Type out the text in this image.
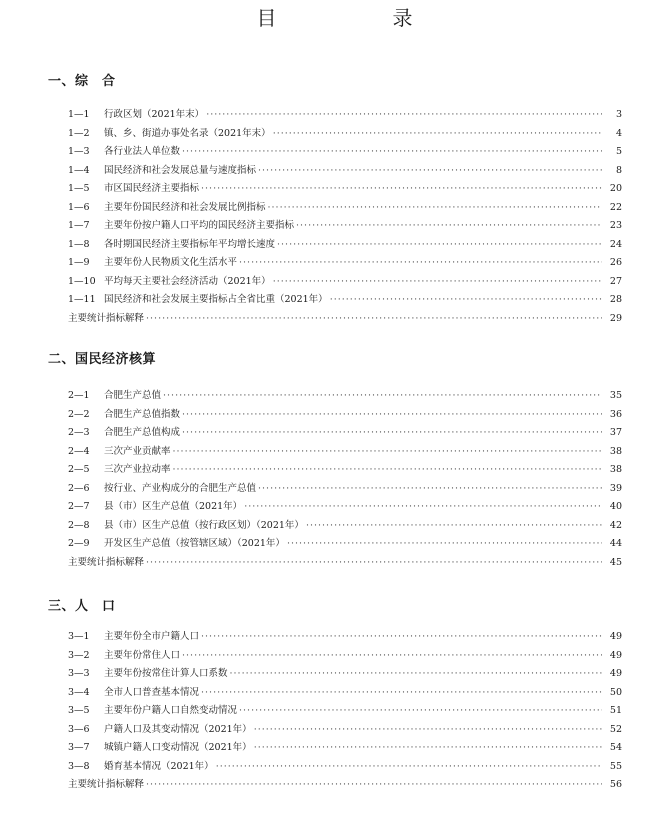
目　录
一、综　合
1—1	行政区划（2021年末） ·····	3
1—2	镇、乡、街道办事处名录（2021年末） ·····	4
1—3	各行业法人单位数 ·····	5
1—4	国民经济和社会发展总量与速度指标 ·····	8
1—5	市区国民经济主要指标 ·····	20
1—6	主要年份国民经济和社会发展比例指标 ·····	22
1—7	主要年份按户籍人口平均的国民经济主要指标 ·····	23
1—8	各时期国民经济主要指标年平均增长速度 ·····	24
1—9	主要年份人民物质文化生活水平 ·····	26
1—10 平均每天主要社会经济活动（2021年） ·····	27
1—11 国民经济和社会发展主要指标占全省比重（2021年） ·····	28
主要统计指标解释 ·····	29
二、国民经济核算
2—1	合肥生产总值 ·····	35
2—2	合肥生产总值指数 ·····	36
2—3	合肥生产总值构成 ·····	37
2—4	三次产业贡献率 ·····	38
2—5	三次产业拉动率 ·····	38
2—6	按行业、产业构成分的合肥生产总值 ·····	39
2—7	县（市）区生产总值（2021年） ·····	40
2—8	县（市）区生产总值（按行政区划）（2021年） ·····	42
2—9	开发区生产总值（按管辖区域）（2021年） ·····	44
主要统计指标解释 ·····	45
三、人　口
3—1	主要年份全市户籍人口 ·····	49
3—2	主要年份常住人口 ·····	49
3—3	主要年份按常住计算人口系数 ·····	49
3—4	全市人口普查基本情况 ·····	50
3—5	主要年份户籍人口自然变动情况 ·····	51
3—6	户籍人口及其变动情况（2021年） ·····	52
3—7	城镇户籍人口变动情况（2021年） ·····	54
3—8	婚育基本情况（2021年） ·····	55
主要统计指标解释 ·····	56
